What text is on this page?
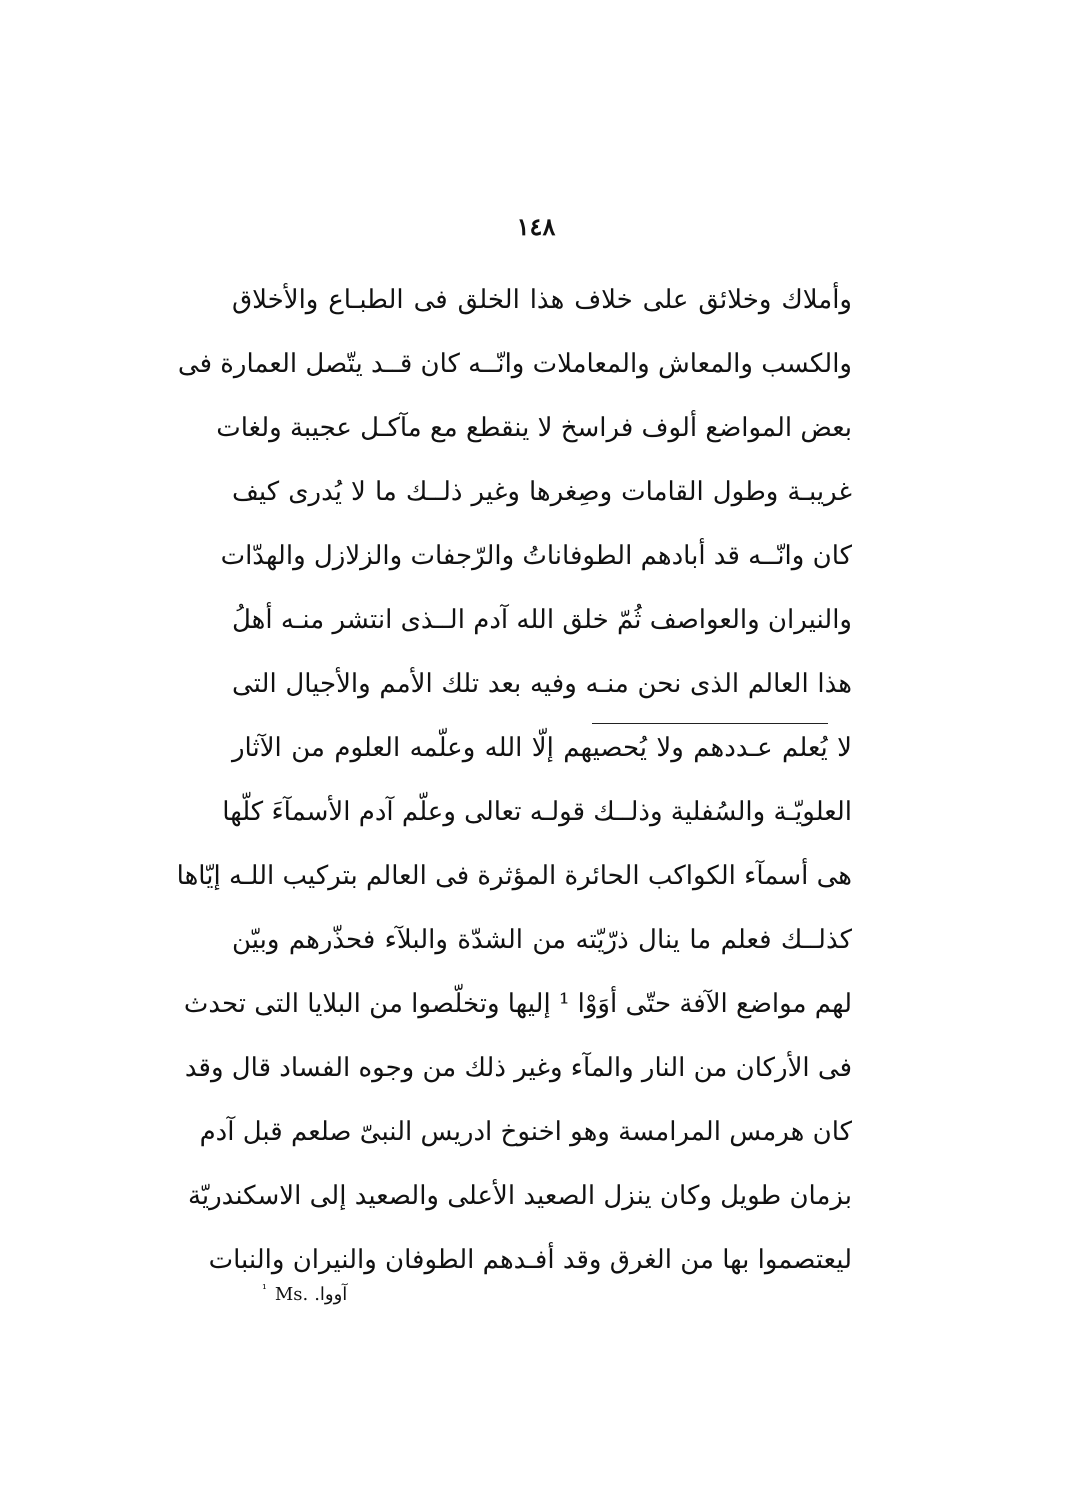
١٤٨
وأملاك وخلائق على خلاف هذا الخلق فى الطبـاع والأخلاق
والكسب والمعاش والمعاملات وانّــه كان قــد يتّصل العمارة فى
بعض المواضع ألوف فراسخ لا ينقطع مع مآكـل عجيبة ولغات
غريبـة وطول القامات وصِغرها وغير ذلــك ما لا يُدرى كيف
كان وانّــه قد أبادهم الطوفاناتُ والرّجفات والزلازل والهدّات
والنيران والعواصف ثُمّ خلق الله آدم الــذى انتشر منـه أهلُ
هذا العالم الذى نحن منـه وفيه بعد تلك الأمم والأجيال التى
لا يُعلم عـددهم ولا يُحصيهم إلّا الله وعلّمه العلوم من الآثار
العلويّـة والسُفلية وذلــك قولـه تعالى وعلّم آدم الأسمآءَ كلّها
هى أسمآء الكواكب الحائرة المؤثرة فى العالم بتركيب اللـه إيّاها
كذلــك فعلم ما ينال ذرّيّته من الشدّة والبلآء فحذّرهم وبيّن
لهم مواضع الآفة حتّى أوَوْا ¹ إليها وتخلّصوا من البلايا التى تحدث
فى الأركان من النار والمآء وغير ذلك من وجوه الفساد قال وقد
كان هرمس المرامسة وهو اخنوخ ادريس النبىّ صلعم قبل آدم
بزمان طويل وكان ينزل الصعيد الأعلى والصعيد إلى الاسكندريّة
ليعتصموا بها من الغرق وقد أفـدهم الطوفان والنيران والنبات
$^{^1}$ Ms. آووا.
